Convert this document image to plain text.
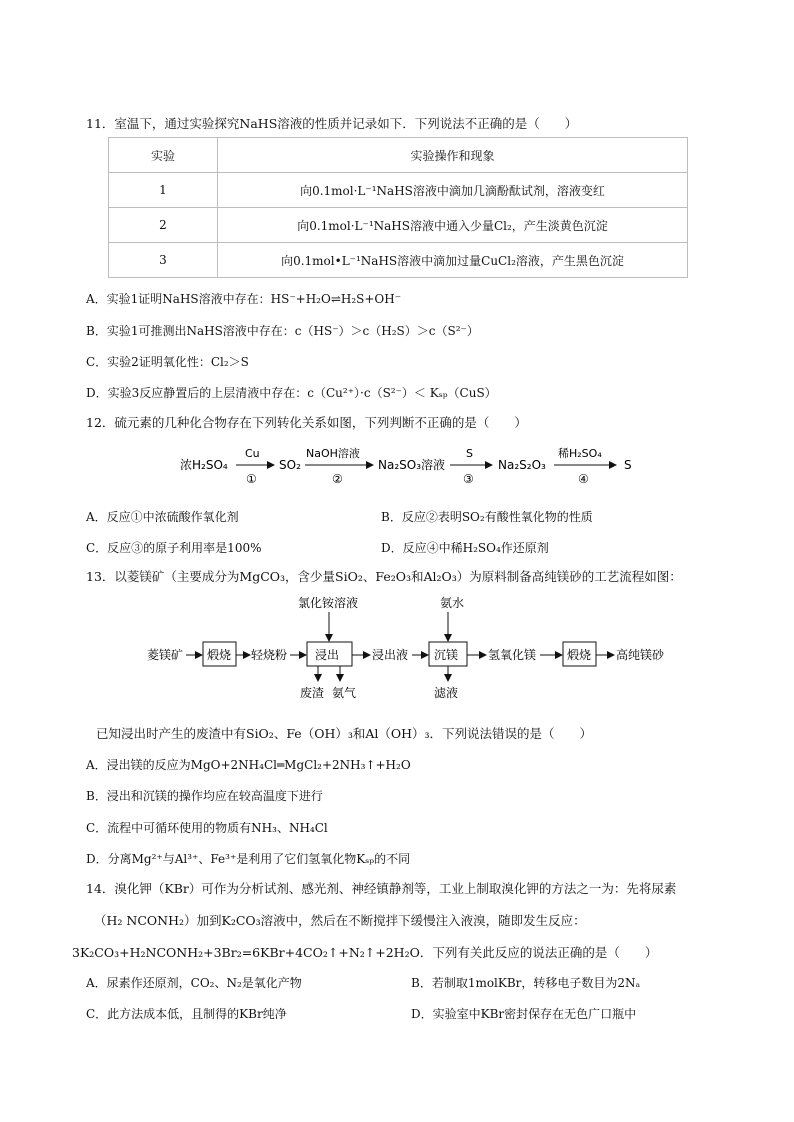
11．室温下，通过实验探究NaHS溶液的性质并记录如下．下列说法不正确的是（　　）
实验	实验操作和现象
1	向0.1mol·L⁻¹NaHS溶液中滴加几滴酚酞试剂，溶液变红
2	向0.1mol·L⁻¹NaHS溶液中通入少量Cl₂，产生淡黄色沉淀
3	向0.1mol•L⁻¹NaHS溶液中滴加过量CuCl₂溶液，产生黑色沉淀
A．实验1证明NaHS溶液中存在：HS⁻+H₂O⇌H₂S+OH⁻
B．实验1可推测出NaHS溶液中存在：c（HS⁻）＞c（H₂S）＞c（S²⁻）
C．实验2证明氧化性：Cl₂＞S
D．实验3反应静置后的上层清液中存在：c（Cu²⁺）·c（S²⁻）＜ Kₛₚ（CuS）
12．硫元素的几种化合物存在下列转化关系如图，下列判断不正确的是（　　）
浓H₂SO₄
Cu
①
SO₂
NaOH溶液
②
Na₂SO₃溶液
S
③
Na₂S₂O₃
稀H₂SO₄
④
S
A．反应①中浓硫酸作氧化剂	B．反应②表明SO₂有酸性氧化物的性质
C．反应③的原子利用率是100%	D．反应④中稀H₂SO₄作还原剂
13．以菱镁矿（主要成分为MgCO₃，含少量SiO₂、Fe₂O₃和Al₂O₃）为原料制备高纯镁砂的工艺流程如图：
菱镁矿 煅烧 轻烧粉 浸出
氯化铵溶液
废渣 氨气
浸出液 沉镁
氨水
滤液
氢氧化镁	煅烧 高纯镁砂
已知浸出时产生的废渣中有SiO₂、Fe（OH）₃和Al（OH）₃．下列说法错误的是（　　）
A．浸出镁的反应为MgO+2NH₄Cl═MgCl₂+2NH₃↑+H₂O
B．浸出和沉镁的操作均应在较高温度下进行
C．流程中可循环使用的物质有NH₃、NH₄Cl
D．分离Mg²⁺与Al³⁺、Fe³⁺是利用了它们氢氧化物Kₛₚ的不同
14．溴化钾（KBr）可作为分析试剂、感光剂、神经镇静剂等，工业上制取溴化钾的方法之一为：先将尿素
（H₂ NCONH₂）加到K₂CO₃溶液中，然后在不断搅拌下缓慢注入液溴，随即发生反应：
3K₂CO₃+H₂NCONH₂+3Br₂=6KBr+4CO₂↑+N₂↑+2H₂O．下列有关此反应的说法正确的是（　　）
A．尿素作还原剂，CO₂、N₂是氧化产物	B．若制取1molKBr，转移电子数目为2Nₐ
C．此方法成本低，且制得的KBr纯净	D．实验室中KBr密封保存在无色广口瓶中
